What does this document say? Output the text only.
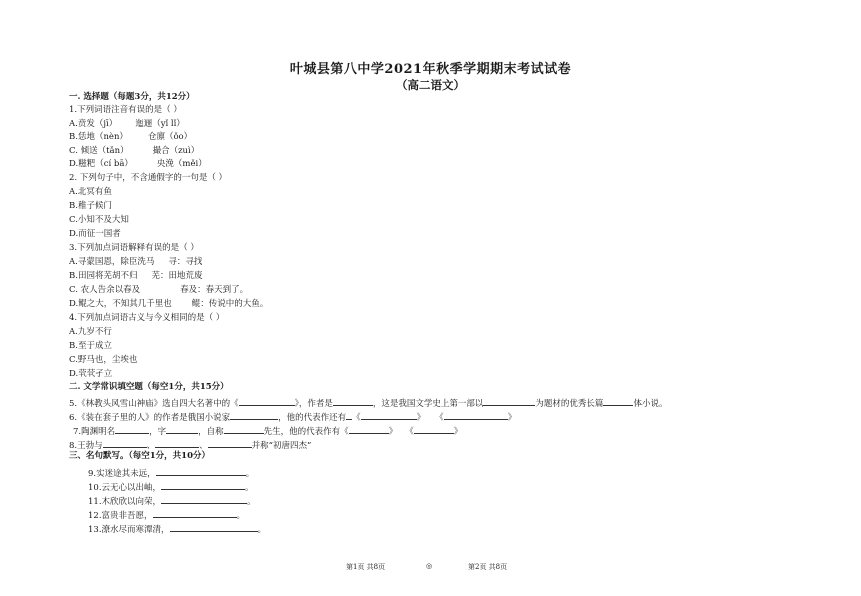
叶城县第八中学2021年秋季学期期末考试试卷
（高二语文）
一. 选择题（每题3分，共12分）
1.下列词语注音有误的是（ ）
A.贲发（jī） 迤逦（yǐ lǐ）
B.恁地（nèn） 仓廪（ǒo）
C. 倾送（tǎn）	撮合（zuì）
D.糍粑（cí bā）	央浼（měi）
2. 下列句子中，不含通假字的一句是（ ）
A.北冥有鱼
B.稚子候门
C.小知不及大知
D.而征一国者
3.下列加点词语解释有误的是（ ）
A.寻蒙国恩，除臣洗马 寻：寻找
B.田园将芜胡不归 芜：田地荒废
C. 农人告余以春及	春及：春天到了。
D.鲲之大，不知其几千里也 鲲：传说中的大鱼。
4.下列加点词语古义与今义相同的是（ ）
A.九岁不行
B.至于成立
C.野马也，尘埃也
D.茕茕孑立
二. 文学常识填空题（每空1分，共15分）
5.《林教头风雪山神庙》选自四大名著中的《	》，作者是	，这是我国文学史上第一部以	为题材的优秀长篇	体小说。
6.《装在套子里的人》的作者是俄国小说家	，他的代表作还有 《	》 《	》
7.陶渊明名	，字	，自称	先生，他的代表作有《	》 《	》
8.王勃与	、	、	并称“初唐四杰”
三、名句默写。（每空1分，共10分）
9.实迷途其未远，	。
10.云无心以出岫，	。
11.木欣欣以向荣，	。
12.富贵非吾愿，	。
13.潦水尽而寒潭清，	。
第1页 共8页	◎	第2页 共8页
